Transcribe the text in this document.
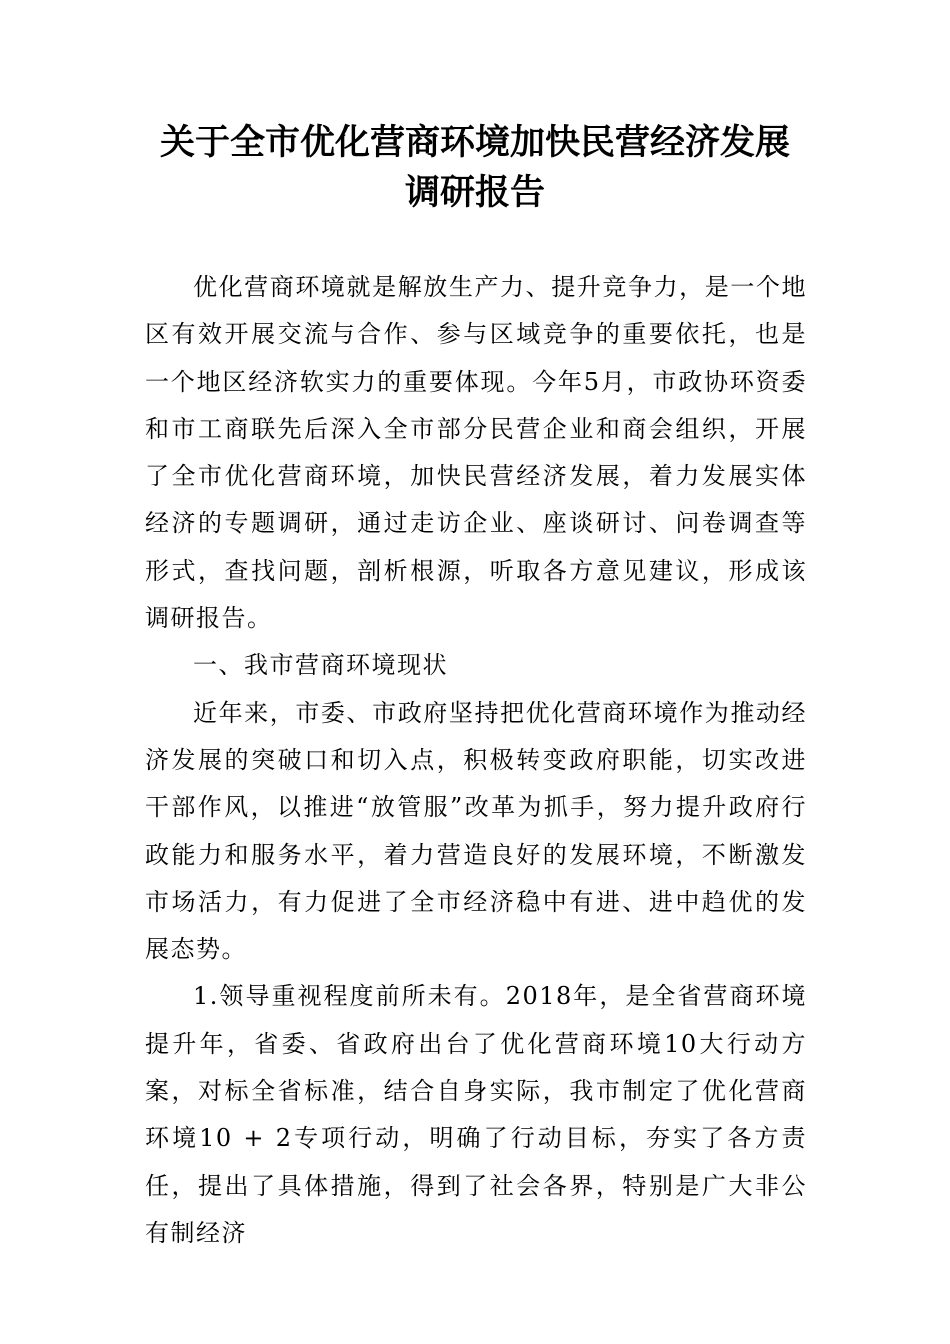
关于全市优化营商环境加快民营经济发展
调研报告

优化营商环境就是解放生产力、提升竞争力，是一个地区有效开展交流与合作、参与区域竞争的重要依托，也是一个地区经济软实力的重要体现。今年5月，市政协环资委和市工商联先后深入全市部分民营企业和商会组织，开展了全市优化营商环境，加快民营经济发展，着力发展实体经济的专题调研，通过走访企业、座谈研讨、问卷调查等形式，查找问题，剖析根源，听取各方意见建议，形成该调研报告。

一、我市营商环境现状

近年来，市委、市政府坚持把优化营商环境作为推动经济发展的突破口和切入点，积极转变政府职能，切实改进干部作风，以推进“放管服”改革为抓手，努力提升政府行政能力和服务水平，着力营造良好的发展环境，不断激发市场活力，有力促进了全市经济稳中有进、进中趋优的发展态势。

1.领导重视程度前所未有。2018年，是全省营商环境提升年，省委、省政府出台了优化营商环境10大行动方案，对标全省标准，结合自身实际，我市制定了优化营商环境10 + 2专项行动，明确了行动目标，夯实了各方责任，提出了具体措施，得到了社会各界，特别是广大非公有制经济
